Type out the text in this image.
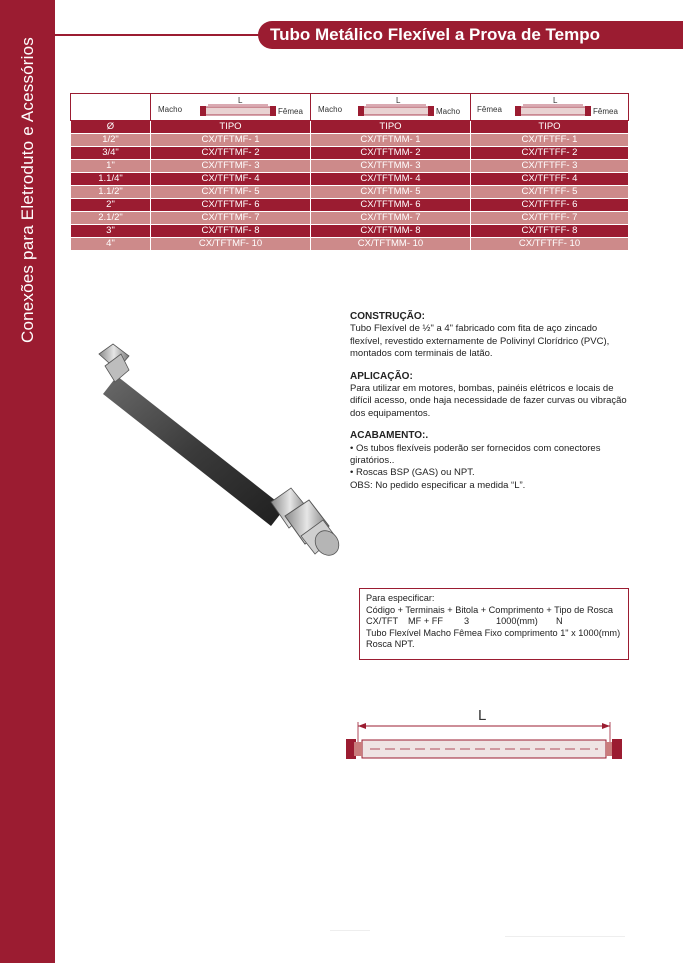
Conexões para Eletroduto e Acessórios
Tubo Metálico Flexível a Prova de Tempo

Macho
L
Fêmea	Macho
L
Macho	Fêmea
L
Fêmea

Ø	TIPO	TIPO	TIPO
1/2"	CX/TFTMF- 1	CX/TFTMM- 1	CX/TFTFF- 1
3/4"	CX/TFTMF- 2	CX/TFTMM- 2	CX/TFTFF- 2
1"	CX/TFTMF- 3	CX/TFTMM- 3	CX/TFTFF- 3
1.1/4"	CX/TFTMF- 4	CX/TFTMM- 4	CX/TFTFF- 4
1.1/2"	CX/TFTMF- 5	CX/TFTMM- 5	CX/TFTFF- 5
2"	CX/TFTMF- 6	CX/TFTMM- 6	CX/TFTFF- 6
2.1/2"	CX/TFTMF- 7	CX/TFTMM- 7	CX/TFTFF- 7
3"	CX/TFTMF- 8	CX/TFTMM- 8	CX/TFTFF- 8
4"	CX/TFTMF- 10	CX/TFTMM- 10	CX/TFTFF- 10
CONSTRUÇÃO:

Tubo Flexível de ½" a 4" fabricado com fita de aço zincado flexível, revestido externamente de Polivinyl Clorídrico (PVC), montados com terminais de latão.

APLICAÇÃO:

Para utilizar em motores, bombas, painéis elétricos e locais de difícil acesso, onde haja necessidade de fazer curvas ou vibração dos equipamentos.

ACABAMENTO:.

• Os tubos flexíveis poderão ser fornecidos com conectores giratórios..

• Roscas BSP (GAS) ou NPT.

OBS: No pedido especificar a medida “L”.

Para especificar:
Código + Terminais + Bitola + Comprimento + Tipo de Rosca
CX/TFT	MF + FF	3	1000(mm)	N
Tubo Flexível Macho Fêmea Fixo comprimento 1" x 1000(mm)
Rosca NPT.
L
